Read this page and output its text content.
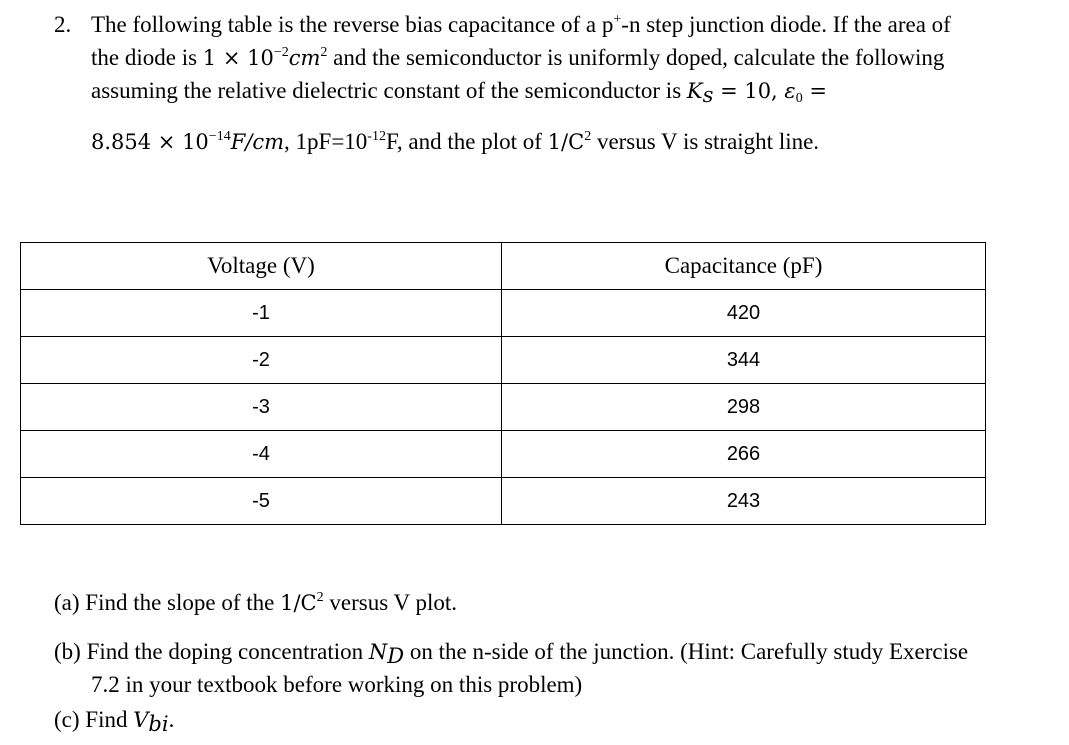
2. The following table is the reverse bias capacitance of a p+-n step junction diode. If the area of
the diode is $1 \times 10^{-2}cm^2$ and the semiconductor is uniformly doped, calculate the following
assuming the relative dielectric constant of the semiconductor is $K_s = 10$, $\varepsilon_0$ =
$8.854 \times 10^{-14}F/cm$, $1pF=10^{-12}F$, and the plot of $1/C^2$ versus V is straight line.
Voltage (V)	Capacitance (pF)
-1	420
-2	344
-3	298
-4	266
-5	243
(a) Find the slope of the $1/C^2$ versus V plot.
(b) Find the doping concentration $N_D$ on the n-side of the junction. (Hint: Carefully study Exercise
7.2 in your textbook before working on this problem)
(c) Find $V_{bi}$.
